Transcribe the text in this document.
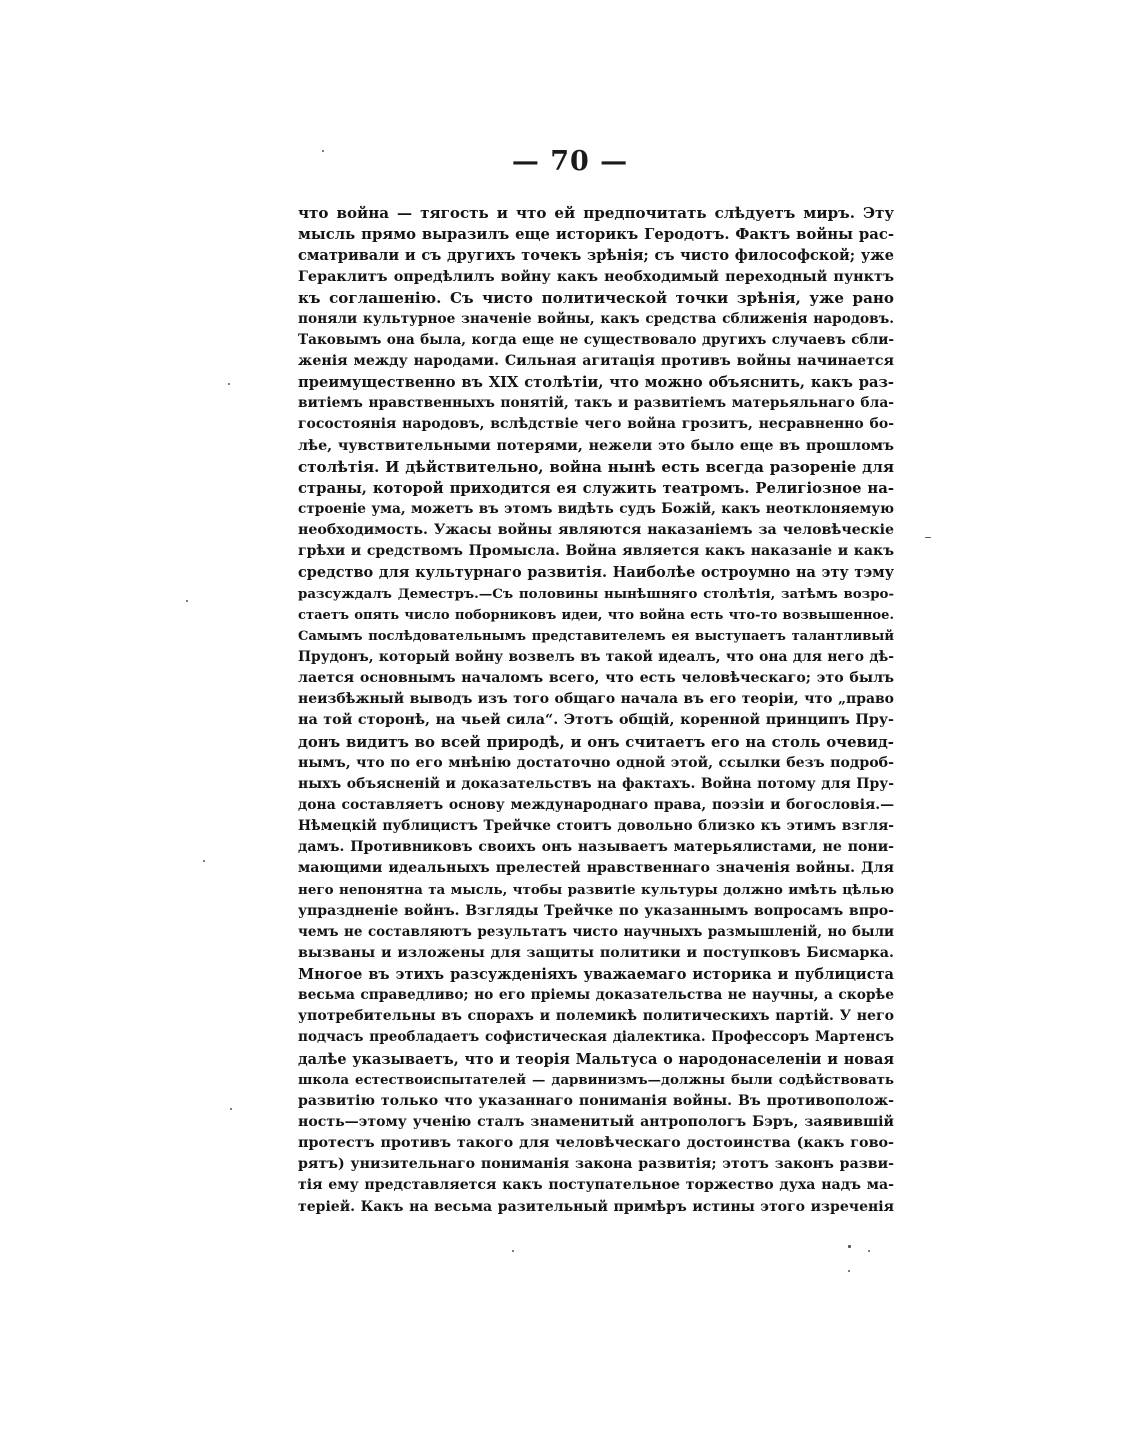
— 70 —
что война — тягость и что ей предпочитать слѣдуетъ миръ. Эту
мысль прямо выразилъ еще историкъ Геродотъ. Фактъ войны рас-
сматривали и съ другихъ точекъ зрѣнія; съ чисто философской; уже
Гераклитъ опредѣлилъ войну какъ необходимый переходный пунктъ
къ соглашенію. Съ чисто политической точки зрѣнія, уже рано
поняли культурное значеніе войны, какъ средства сближенія народовъ.
Таковымъ она была, когда еще не существовало другихъ случаевъ сбли-
женія между народами. Сильная агитація противъ войны начинается
преимущественно въ XIX столѣтіи, что можно объяснить, какъ раз-
витіемъ нравственныхъ понятій, такъ и развитіемъ матерьяльнаго бла-
госостоянія народовъ, вслѣдствіе чего война грозитъ, несравненно бо-
лѣе, чувствительными потерями, нежели это было еще въ прошломъ
столѣтія. И дѣйствительно, война нынѣ есть всегда разореніе для
страны, которой приходится ея служить театромъ. Религіозное на-
строеніе ума, можетъ въ этомъ видѣть судъ Божій, какъ неотклоняемую
необходимость. Ужасы войны являются наказаніемъ за человѣческіе
грѣхи и средствомъ Промысла. Война является какъ наказаніе и какъ
средство для культурнаго развитія. Наиболѣе остроумно на эту тэму
разсуждалъ Деместръ.—Съ половины нынѣшняго столѣтія, затѣмъ возро-
стаетъ опять число поборниковъ идеи, что война есть что-то возвышенное.
Самымъ послѣдовательнымъ представителемъ ея выступаетъ талантливый
Прудонъ, который войну возвелъ въ такой идеалъ, что она для него дѣ-
лается основнымъ началомъ всего, что есть человѣческаго; это былъ
неизбѣжный выводъ изъ того общаго начала въ его теоріи, что „право
на той сторонѣ, на чьей сила“. Этотъ общій, коренной принципъ Пру-
донъ видитъ во всей природѣ, и онъ считаетъ его на столь очевид-
нымъ, что по его мнѣнію достаточно одной этой, ссылки безъ подроб-
ныхъ объясненій и доказательствъ на фактахъ. Война потому для Пру-
дона составляетъ основу международнаго права, поэзіи и богословія.—
Нѣмецкій публицистъ Трейчке стоитъ довольно близко къ этимъ взгля-
дамъ. Противниковъ своихъ онъ называетъ матерьялистами, не пони-
мающими идеальныхъ прелестей нравственнаго значенія войны. Для
него непонятна та мысль, чтобы развитіе культуры должно имѣть цѣлью
упраздненіе войнъ. Взгляды Трейчке по указаннымъ вопросамъ впро-
чемъ не составляютъ результатъ чисто научныхъ размышленій, но были
вызваны и изложены для защиты политики и поступковъ Бисмарка.
Многое въ этихъ разсужденіяхъ уважаемаго историка и публициста
весьма справедливо; но его пріемы доказательства не научны, а скорѣе
употребительны въ спорахъ и полемикѣ политическихъ партій. У него
подчасъ преобладаетъ софистическая діалектика. Профессоръ Мартенсъ
далѣе указываетъ, что и теорія Мальтуса о народонаселеніи и новая
школа естествоиспытателей — дарвинизмъ—должны были содѣйствовать
развитію только что указаннаго пониманія войны. Въ противополож-
ность—этому ученію сталъ знаменитый антропологъ Бэръ, заявившій
протестъ противъ такого для человѣческаго достоинства (какъ гово-
рятъ) унизительнаго пониманія закона развитія; этотъ законъ разви-
тія ему представляется какъ поступательное торжество духа надъ ма-
теріей. Какъ на весьма разительный примѣръ истины этого изреченія
